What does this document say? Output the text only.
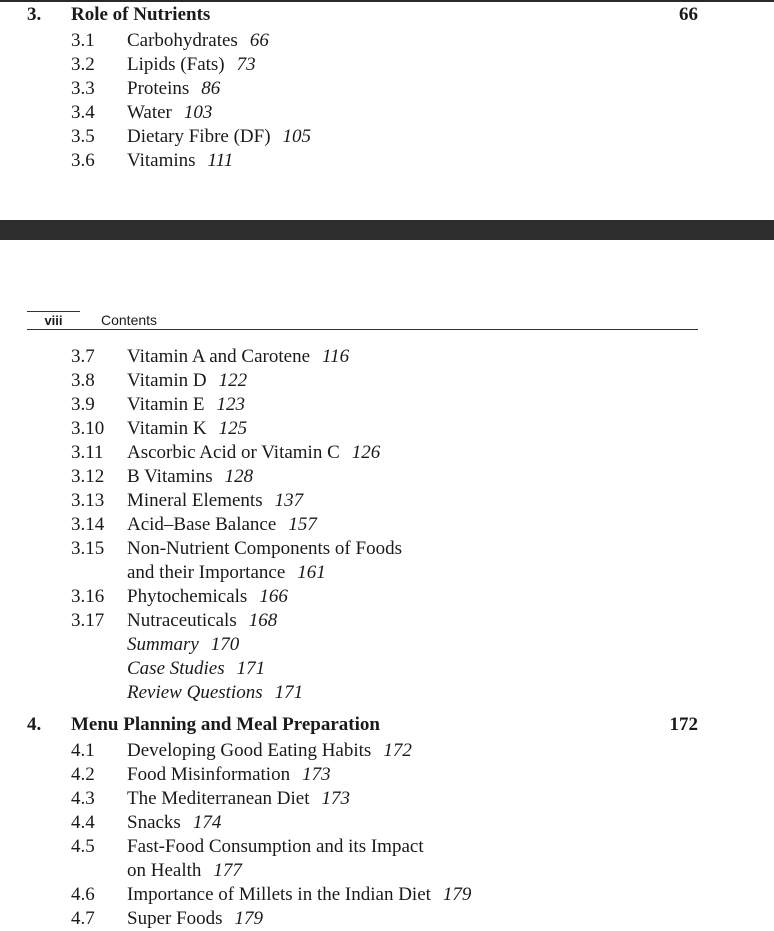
3. Role of Nutrients	66
3.1 Carbohydrates 66
3.2 Lipids (Fats) 73
3.3 Proteins 86
3.4 Water 103
3.5 Dietary Fibre (DF) 105
3.6 Vitamins 111
viii	Contents
3.7 Vitamin A and Carotene 116
3.8 Vitamin D 122
3.9 Vitamin E 123
3.10 Vitamin K 125
3.11 Ascorbic Acid or Vitamin C 126
3.12 B Vitamins 128
3.13 Mineral Elements 137
3.14 Acid–Base Balance 157
3.15 Non-Nutrient Components of Foods
and their Importance 161
3.16 Phytochemicals 166
3.17 Nutraceuticals 168
Summary 170
Case Studies 171
Review Questions 171
4. Menu Planning and Meal Preparation	172
4.1 Developing Good Eating Habits 172
4.2 Food Misinformation 173
4.3 The Mediterranean Diet 173
4.4 Snacks 174
4.5 Fast-Food Consumption and its Impact
on Health 177
4.6 Importance of Millets in the Indian Diet 179
4.7 Super Foods 179
